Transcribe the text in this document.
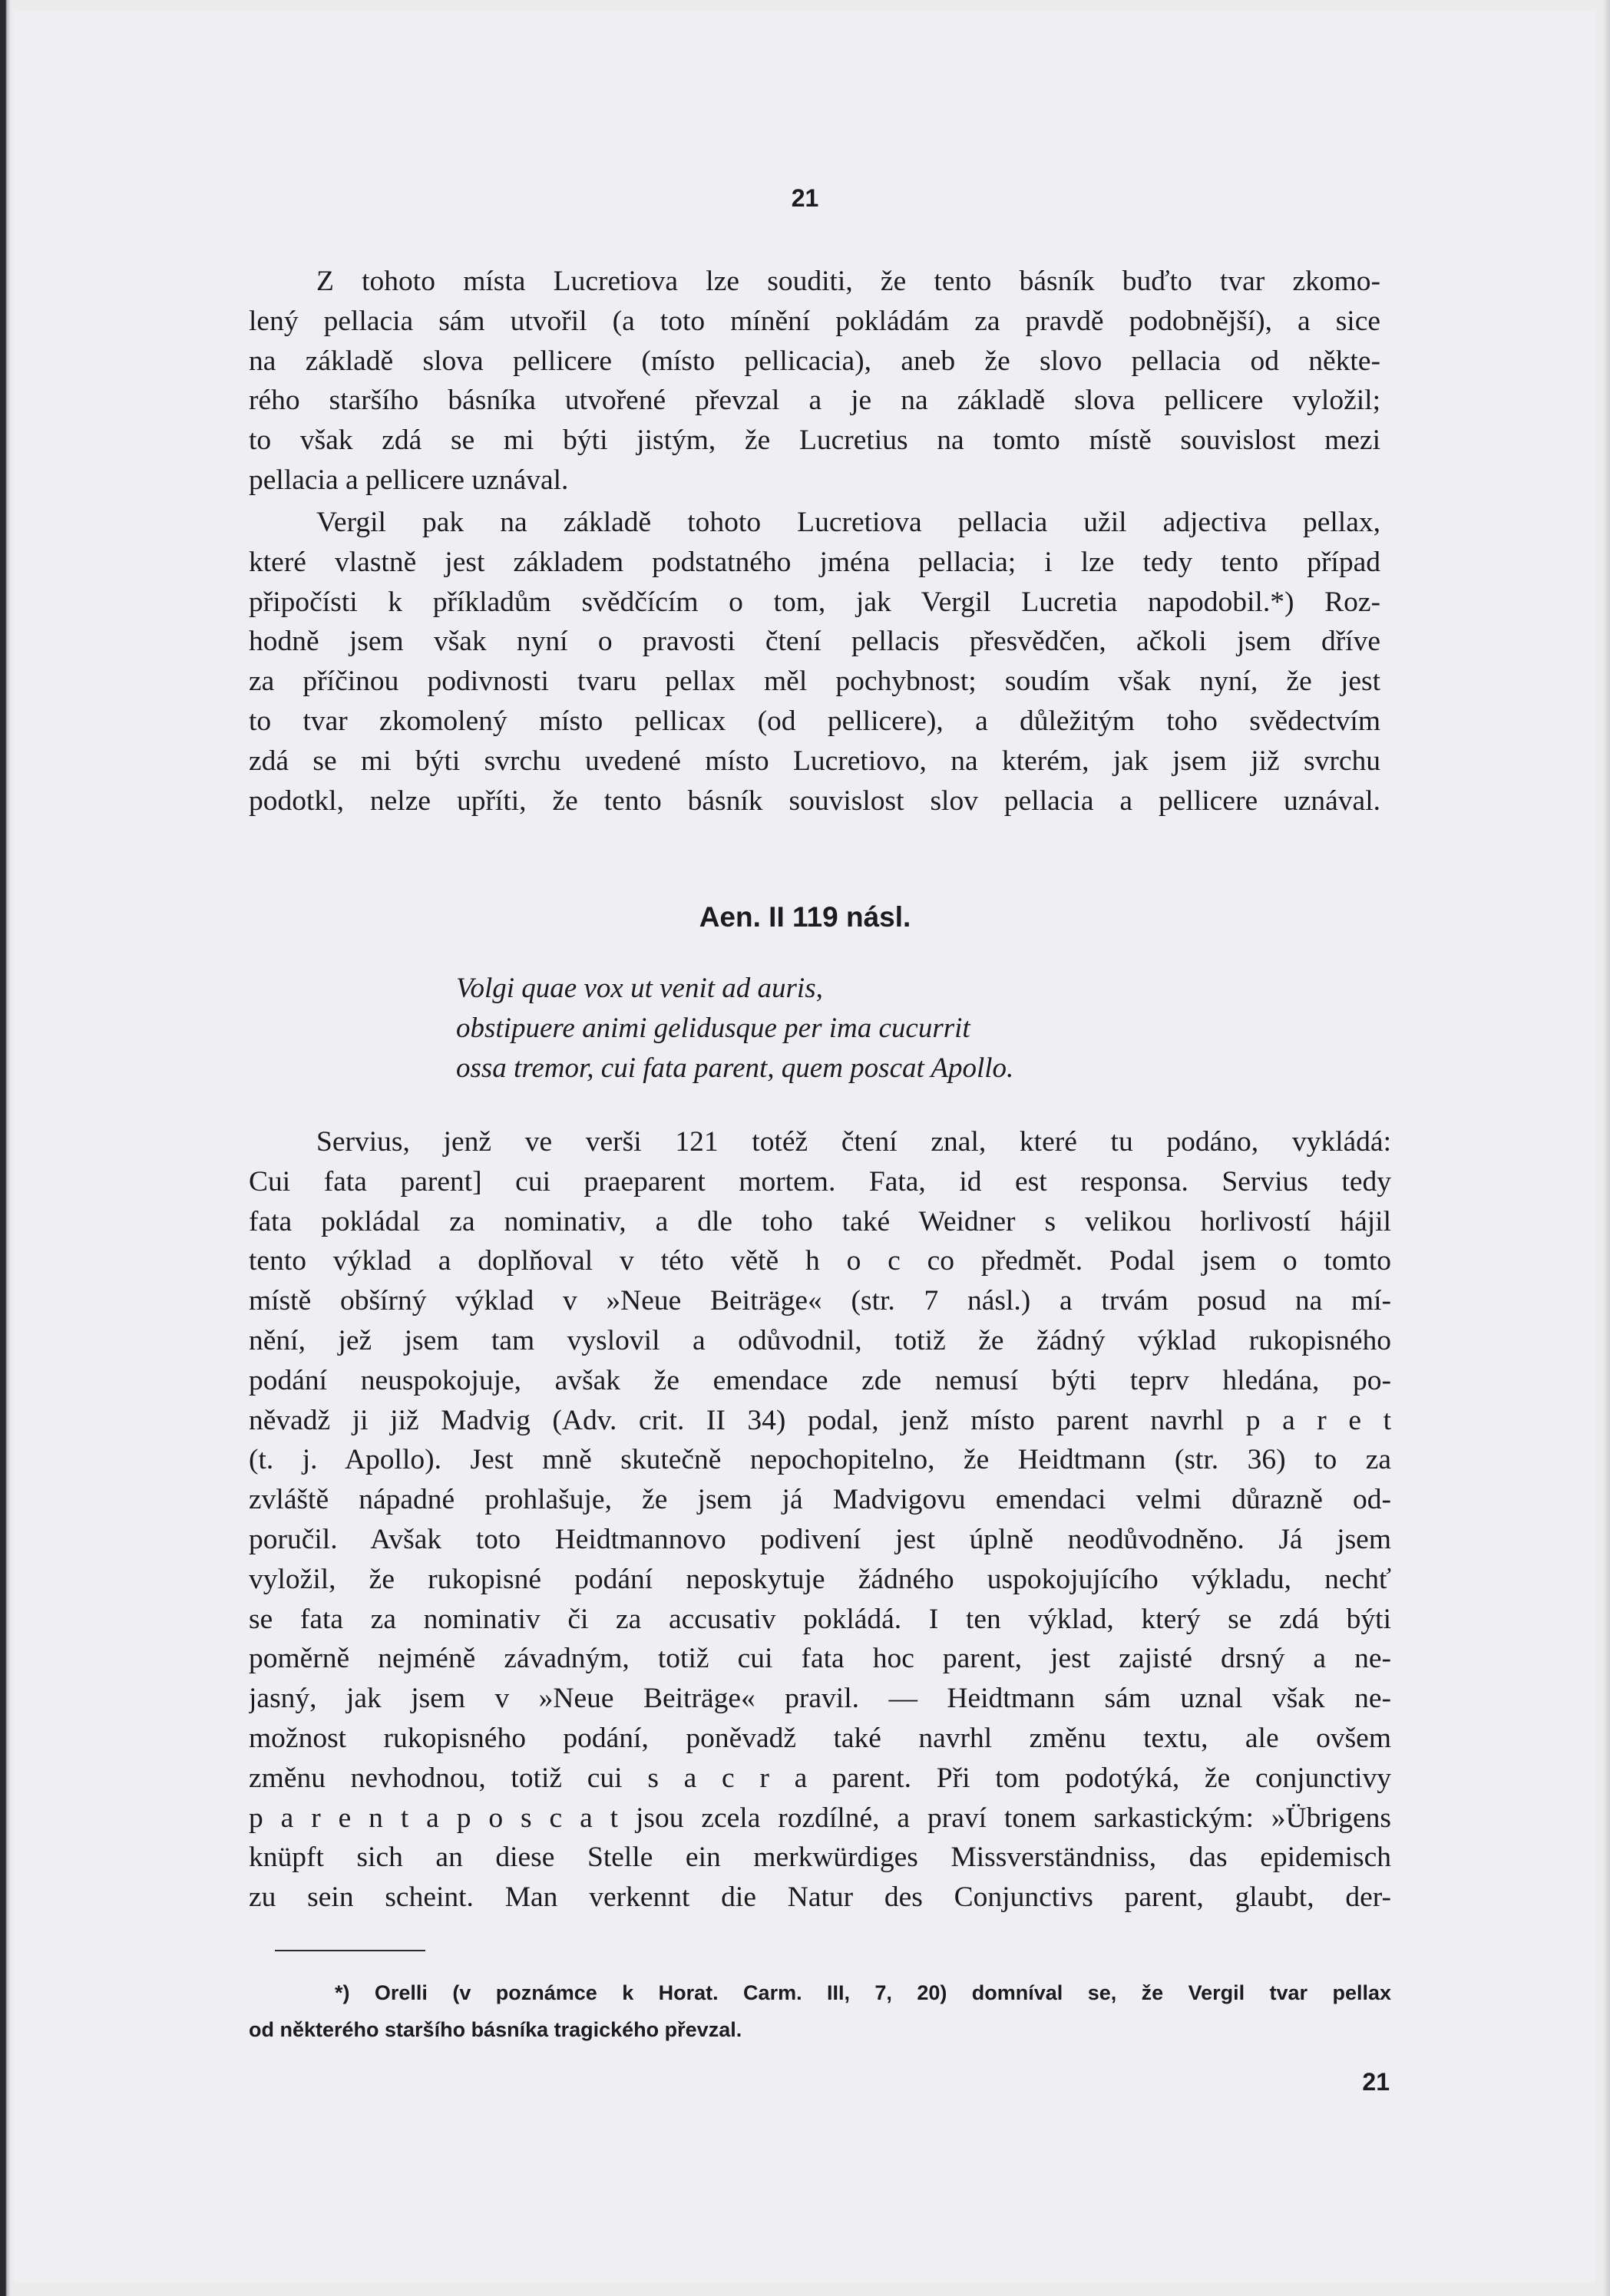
21
Z tohoto místa Lucretiova lze souditi, že tento básník buďto tvar zkomo-
lený pellacia sám utvořil (a toto mínění pokládám za pravdě podobnější), a sice
na základě slova pellicere (místo pellicacia), aneb že slovo pellacia od někte-
rého staršího básníka utvořené převzal a je na základě slova pellicere vyložil;
to však zdá se mi býti jistým, že Lucretius na tomto místě souvislost mezi
pellacia a pellicere uznával.
Vergil pak na základě tohoto Lucretiova pellacia užil adjectiva pellax,
které vlastně jest základem podstatného jména pellacia; i lze tedy tento případ
připočísti k příkladům svědčícím o tom, jak Vergil Lucretia napodobil.*) Roz-
hodně jsem však nyní o pravosti čtení pellacis přesvědčen, ačkoli jsem dříve
za příčinou podivnosti tvaru pellax měl pochybnost; soudím však nyní, že jest
to tvar zkomolený místo pellicax (od pellicere), a důležitým toho svědectvím
zdá se mi býti svrchu uvedené místo Lucretiovo, na kterém, jak jsem již svrchu
podotkl, nelze upříti, že tento básník souvislost slov pellacia a pellicere uznával.
Aen. II 119 násl.
Volgi quae vox ut venit ad auris,
obstipuere animi gelidusque per ima cucurrit
ossa tremor, cui fata parent, quem poscat Apollo.
Servius, jenž ve verši 121 totéž čtení znal, které tu podáno, vykládá:
Cui fata parent] cui praeparent mortem. Fata, id est responsa. Servius tedy
fata pokládal za nominativ, a dle toho také Weidner s velikou horlivostí hájil
tento výklad a doplňoval v této větě h o c co předmět. Podal jsem o tomto
místě obšírný výklad v »Neue Beiträge« (str. 7 násl.) a trvám posud na mí-
nění, jež jsem tam vyslovil a odůvodnil, totiž že žádný výklad rukopisného
podání neuspokojuje, avšak že emendace zde nemusí býti teprv hledána, po-
něvadž ji již Madvig (Adv. crit. II 34) podal, jenž místo parent navrhl p a r e t
(t. j. Apollo). Jest mně skutečně nepochopitelno, že Heidtmann (str. 36) to za
zvláště nápadné prohlašuje, že jsem já Madvigovu emendaci velmi důrazně od-
poručil. Avšak toto Heidtmannovo podivení jest úplně neodůvodněno. Já jsem
vyložil, že rukopisné podání neposkytuje žádného uspokojujícího výkladu, nechť
se fata za nominativ či za accusativ pokládá. I ten výklad, který se zdá býti
poměrně nejméně závadným, totiž cui fata hoc parent, jest zajisté drsný a ne-
jasný, jak jsem v »Neue Beiträge« pravil. — Heidtmann sám uznal však ne-
možnost rukopisného podání, poněvadž také navrhl změnu textu, ale ovšem
změnu nevhodnou, totiž cui s a c r a parent. Při tom podotýká, že conjunctivy
p a r e n t a p o s c a t jsou zcela rozdílné, a praví tonem sarkastickým: »Übrigens
knüpft sich an diese Stelle ein merkwürdiges Missverständniss, das epidemisch
zu sein scheint. Man verkennt die Natur des Conjunctivs parent, glaubt, der-
*) Orelli (v poznámce k Horat. Carm. III, 7, 20) domníval se, že Vergil tvar pellax
od některého staršího básníka tragického převzal.
21
